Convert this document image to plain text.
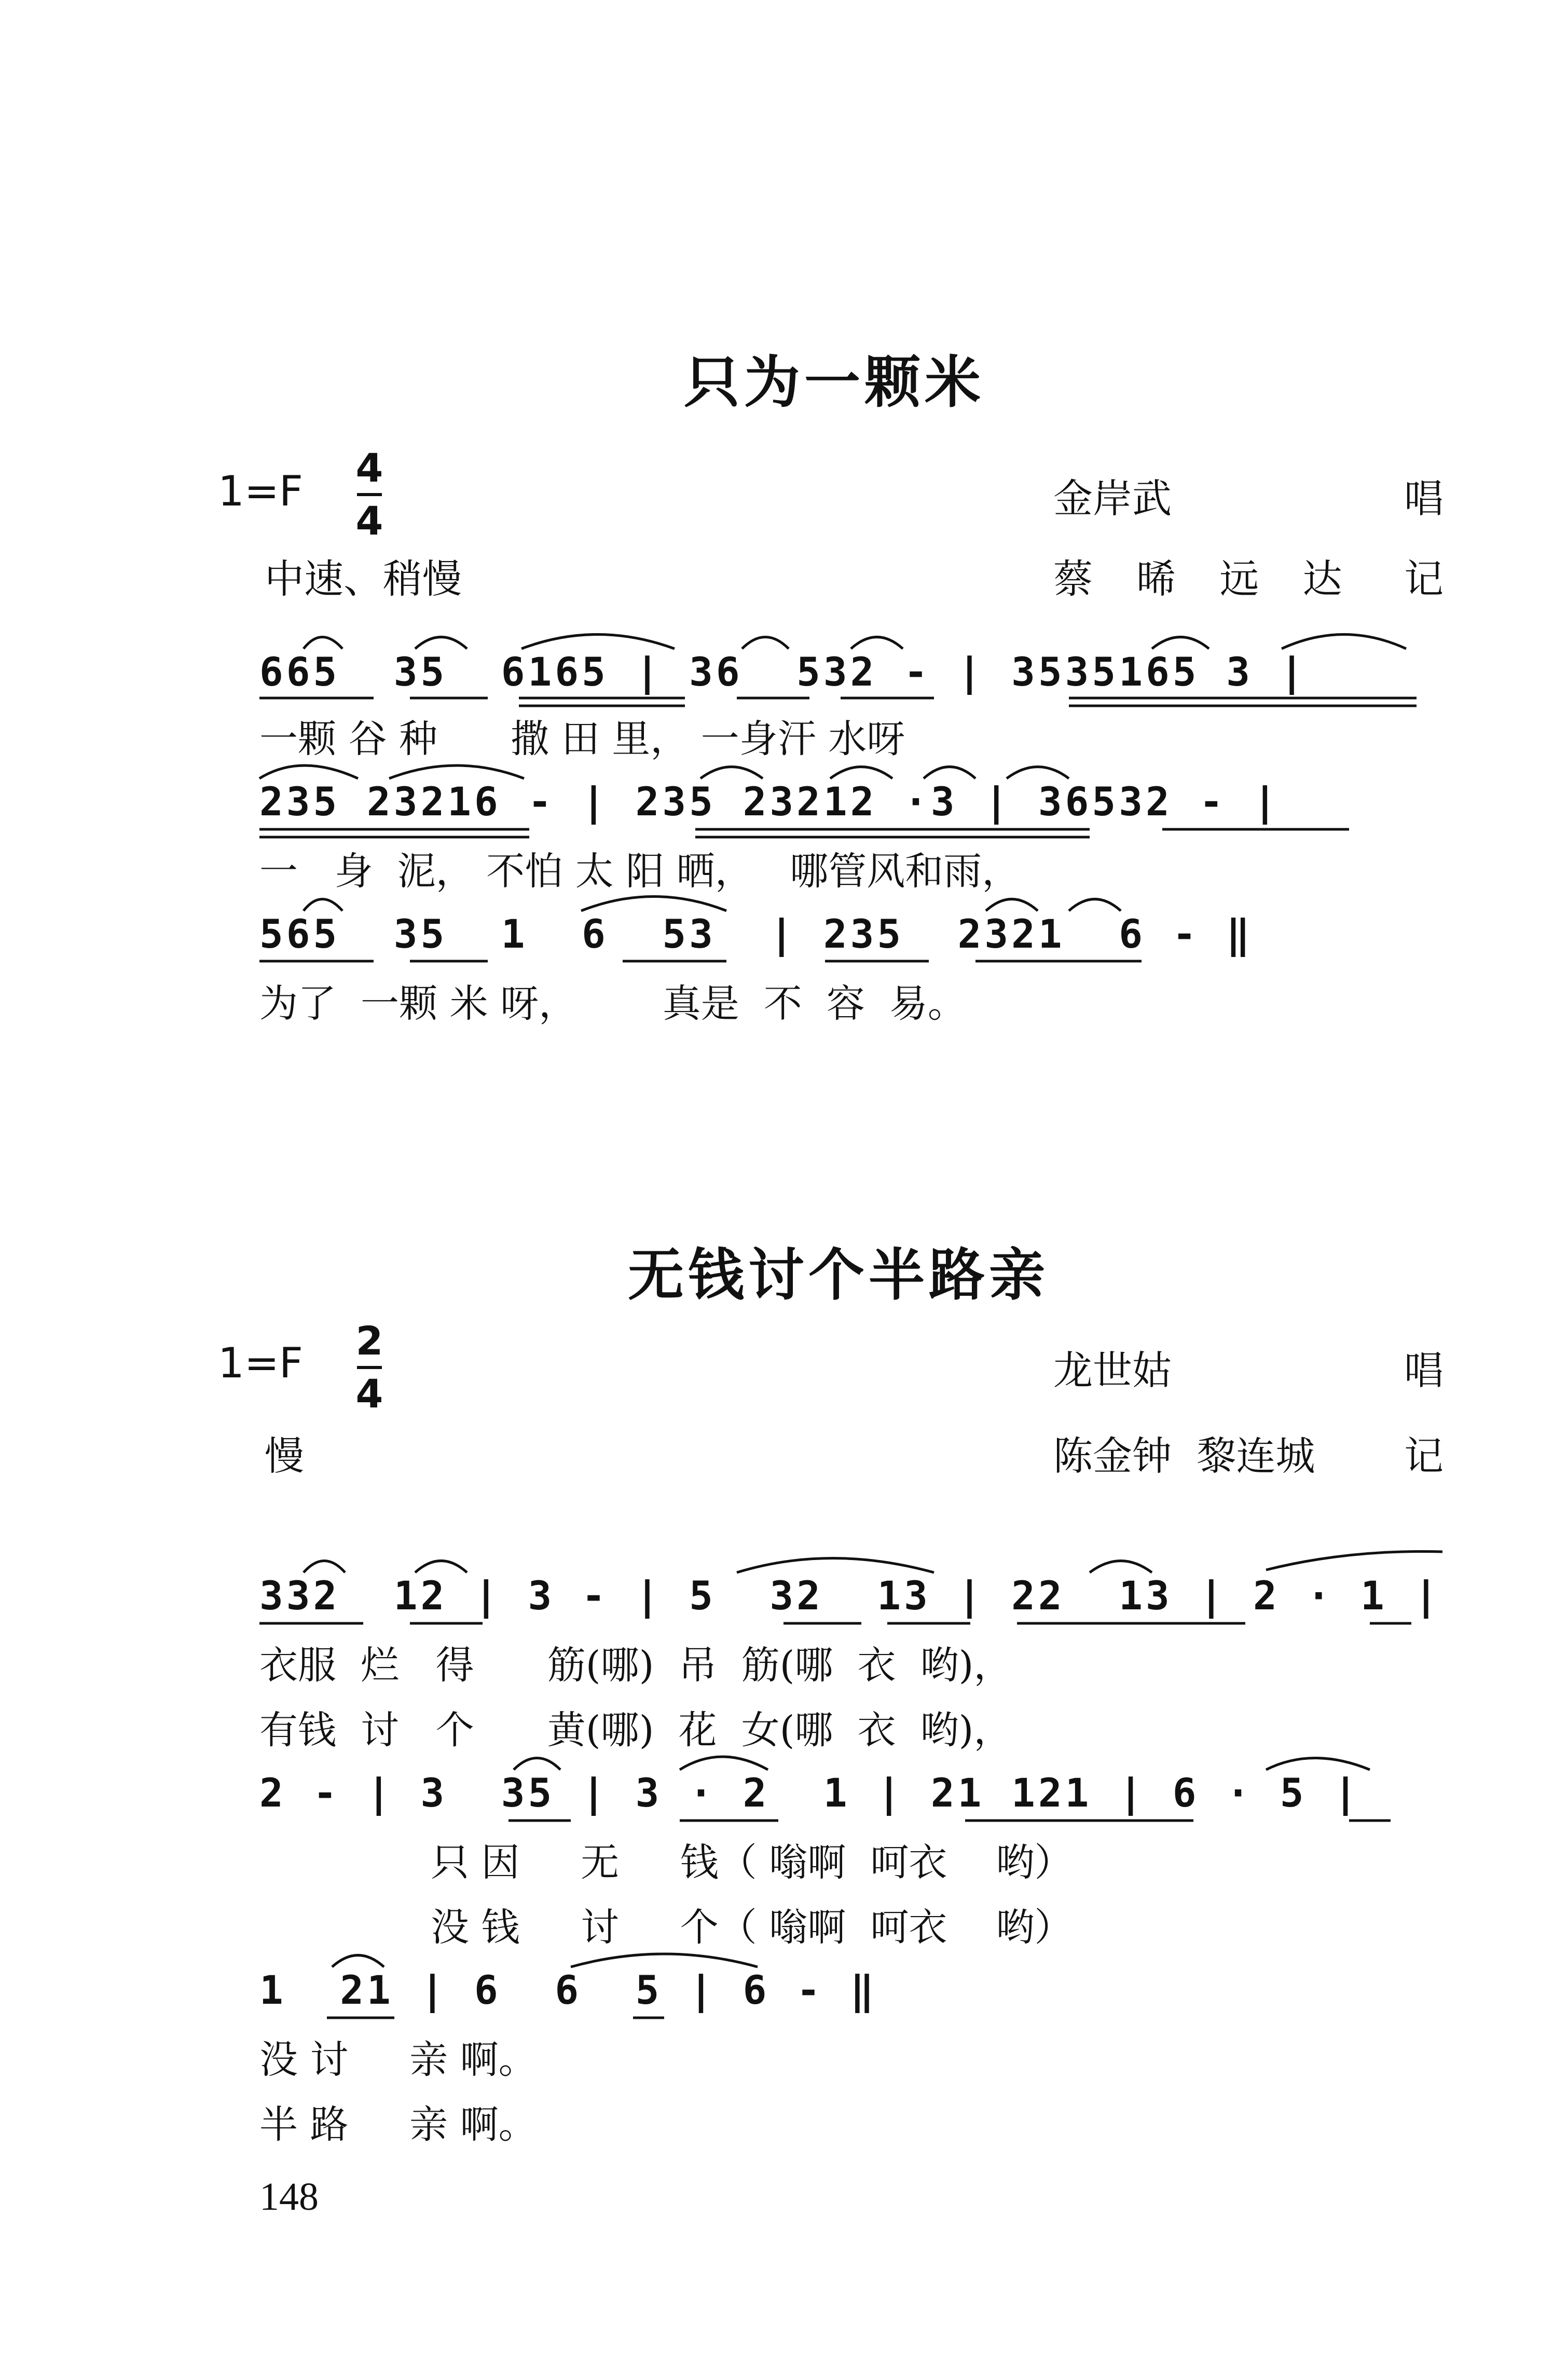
只为一颗米
1=F 4
4	金岸武	唱
中速、稍慢	蔡 晞 远 达 记
665  35  6165 | 36  532 - | 3535165 3 |
一颗 谷 种      撒 田 里， 一身汗 水呀
235 23216 - | 235 23212 ·3 | 36532 - |
一   身  泥， 不怕 太 阳 晒，   哪管风和雨，
565  35  1  6  53  | 235  2321  6 - ‖
为了  一颗 米 呀，       真是  不  容  易。
无钱讨个半路亲
1=F 2
4
龙世姑	唱
慢	陈金钟  黎连城 记
332  12 | 3 - | 5  32  13 | 22  13 | 2 · 1 |
衣服  烂   得      筋(哪)  吊  筋(哪  衣  哟)，
有钱  讨   个      黄(哪)  花  女(哪  衣  哟)，
2 - | 3  35 | 3 · 2  1 | 21 121 | 6 · 5 |
只 因     无     钱（ 嗡啊  呵衣    哟）
没 钱     讨     个（ 嗡啊  呵衣    哟）
1  21 | 6  6  5 | 6 - ‖
没 讨     亲 啊。
半 路     亲 啊。
148
